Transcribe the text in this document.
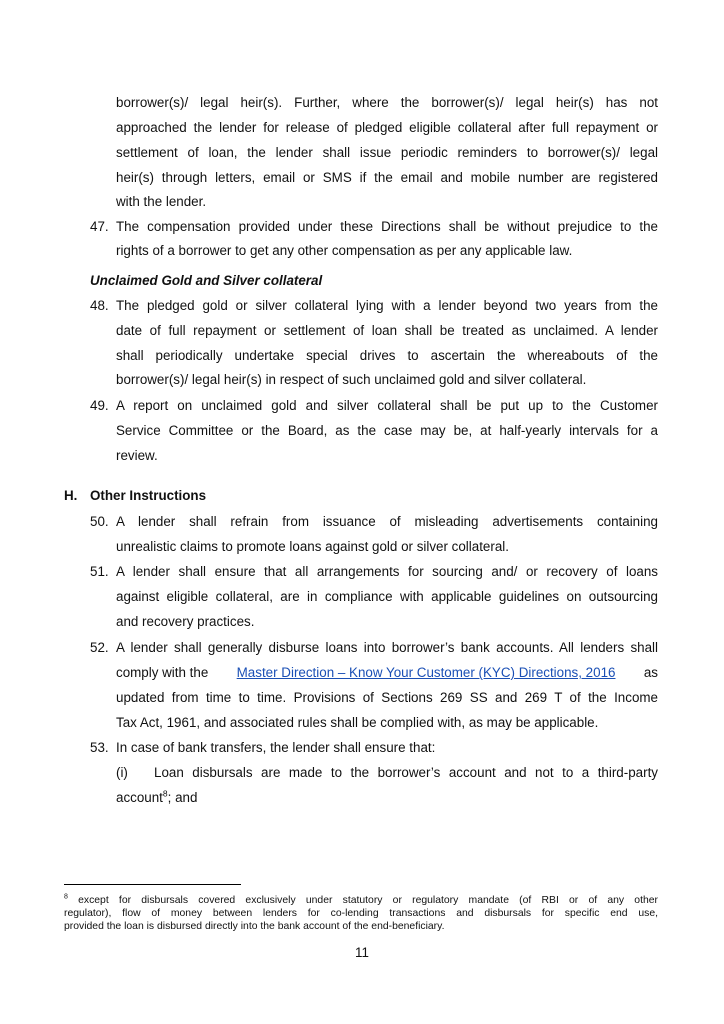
borrower(s)/ legal heir(s). Further, where the borrower(s)/ legal heir(s) has not
approached the lender for release of pledged eligible collateral after full repayment or
settlement of loan, the lender shall issue periodic reminders to borrower(s)/ legal
heir(s) through letters, email or SMS if the email and mobile number are registered
with the lender.
47. The compensation provided under these Directions shall be without prejudice to the
rights of a borrower to get any other compensation as per any applicable law.
Unclaimed Gold and Silver collateral
48. The pledged gold or silver collateral lying with a lender beyond two years from the
date of full repayment or settlement of loan shall be treated as unclaimed. A lender
shall periodically undertake special drives to ascertain the whereabouts of the
borrower(s)/ legal heir(s) in respect of such unclaimed gold and silver collateral.
49. A report on unclaimed gold and silver collateral shall be put up to the Customer
Service Committee or the Board, as the case may be, at half-yearly intervals for a
review.
H. Other Instructions
50. A lender shall refrain from issuance of misleading advertisements containing
unrealistic claims to promote loans against gold or silver collateral.
51. A lender shall ensure that all arrangements for sourcing and/ or recovery of loans
against eligible collateral, are in compliance with applicable guidelines on outsourcing
and recovery practices.
52. A lender shall generally disburse loans into borrower’s bank accounts. All lenders shall
comply with the Master Direction – Know Your Customer (KYC) Directions, 2016 as
updated from time to time. Provisions of Sections 269 SS and 269 T of the Income
Tax Act, 1961, and associated rules shall be complied with, as may be applicable.
53. In case of bank transfers, the lender shall ensure that:
(i) Loan disbursals are made to the borrower’s account and not to a third-party
account$^8$; and
$^8$ except for disbursals covered exclusively under statutory or regulatory mandate (of RBI or of any other
regulator), flow of money between lenders for co-lending transactions and disbursals for specific end use,
provided the loan is disbursed directly into the bank account of the end-beneficiary.
11
